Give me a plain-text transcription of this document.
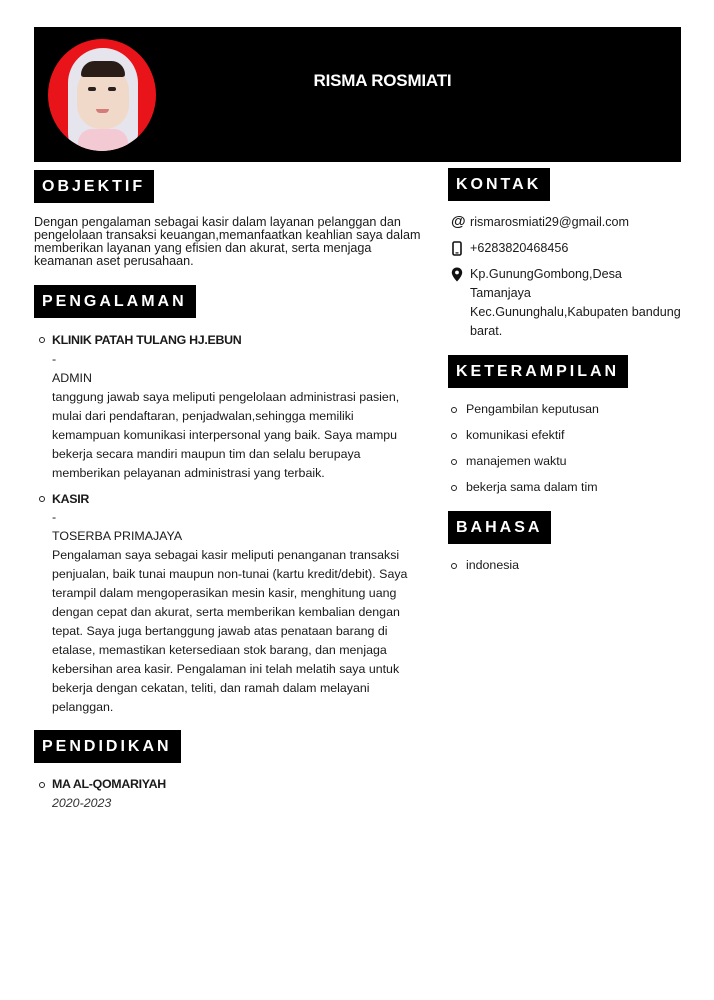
RISMA ROSMIATI
OBJEKTIF
Dengan pengalaman sebagai kasir dalam layanan pelanggan dan
pengelolaan transaksi keuangan,memanfaatkan keahlian saya dalam
memberikan layanan yang efisien dan akurat, serta menjaga
keamanan aset perusahaan.
PENGALAMAN
KLINIK PATAH TULANG HJ.EBUN
-
ADMIN
tanggung jawab saya meliputi pengelolaan administrasi pasien,
mulai dari pendaftaran, penjadwalan,sehingga memiliki
kemampuan komunikasi interpersonal yang baik. Saya mampu
bekerja secara mandiri maupun tim dan selalu berupaya
memberikan pelayanan administrasi yang terbaik.
KASIR
-
TOSERBA PRIMAJAYA
Pengalaman saya sebagai kasir meliputi penanganan transaksi
penjualan, baik tunai maupun non-tunai (kartu kredit/debit). Saya
terampil dalam mengoperasikan mesin kasir, menghitung uang
dengan cepat dan akurat, serta memberikan kembalian dengan
tepat. Saya juga bertanggung jawab atas penataan barang di
etalase, memastikan ketersediaan stok barang, dan menjaga
kebersihan area kasir. Pengalaman ini telah melatih saya untuk
bekerja dengan cekatan, teliti, dan ramah dalam melayani
pelanggan.
PENDIDIKAN
MA AL-QOMARIYAH
2020-2023
KONTAK
@ rismarosmiati29@gmail.com
+6283820468456
Kp.GunungGombong,Desa
Tamanjaya
Kec.Gununghalu,Kabupaten bandung
barat.
KETERAMPILAN
Pengambilan keputusan
komunikasi efektif
manajemen waktu
bekerja sama dalam tim
BAHASA
indonesia
